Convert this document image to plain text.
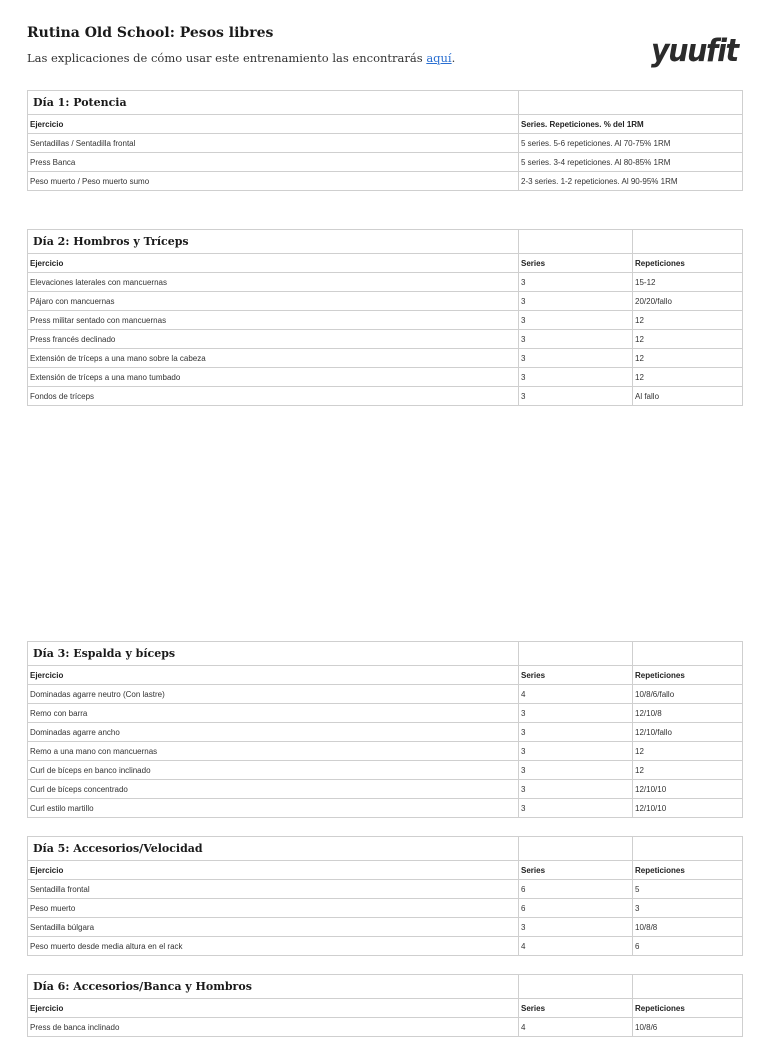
Rutina Old School: Pesos libres
Las explicaciones de cómo usar este entrenamiento las encontrarás aquí.	yuufit
Día 1: Potencia	
Ejercicio	Series. Repeticiones. % del 1RM
Sentadillas / Sentadilla frontal	5 series. 5-6 repeticiones. Al 70-75% 1RM
Press Banca	5 series. 3-4 repeticiones. Al 80-85% 1RM
Peso muerto / Peso muerto sumo	2-3 series. 1-2 repeticiones. Al 90-95% 1RM
Día 2: Hombros y Tríceps		
Ejercicio	Series	Repeticiones
Elevaciones laterales con mancuernas	3	15-12
Pájaro con mancuernas	3	20/20/fallo
Press militar sentado con mancuernas	3	12
Press francés declinado	3	12
Extensión de tríceps a una mano sobre la cabeza	3	12
Extensión de tríceps a una mano tumbado	3	12
Fondos de tríceps	3	Al fallo
Día 3: Espalda y bíceps		
Ejercicio	Series	Repeticiones
Dominadas agarre neutro (Con lastre)	4	10/8/6/fallo
Remo con barra	3	12/10/8
Dominadas agarre ancho	3	12/10/fallo
Remo a una mano con mancuernas	3	12
Curl de bíceps en banco inclinado	3	12
Curl de bíceps concentrado	3	12/10/10
Curl estilo martillo	3	12/10/10
Día 5: Accesorios/Velocidad		
Ejercicio	Series	Repeticiones
Sentadilla frontal	6	5
Peso muerto	6	3
Sentadilla búlgara	3	10/8/8
Peso muerto desde media altura en el rack	4	6
Día 6: Accesorios/Banca y Hombros		
Ejercicio	Series	Repeticiones
Press de banca inclinado	4	10/8/6
